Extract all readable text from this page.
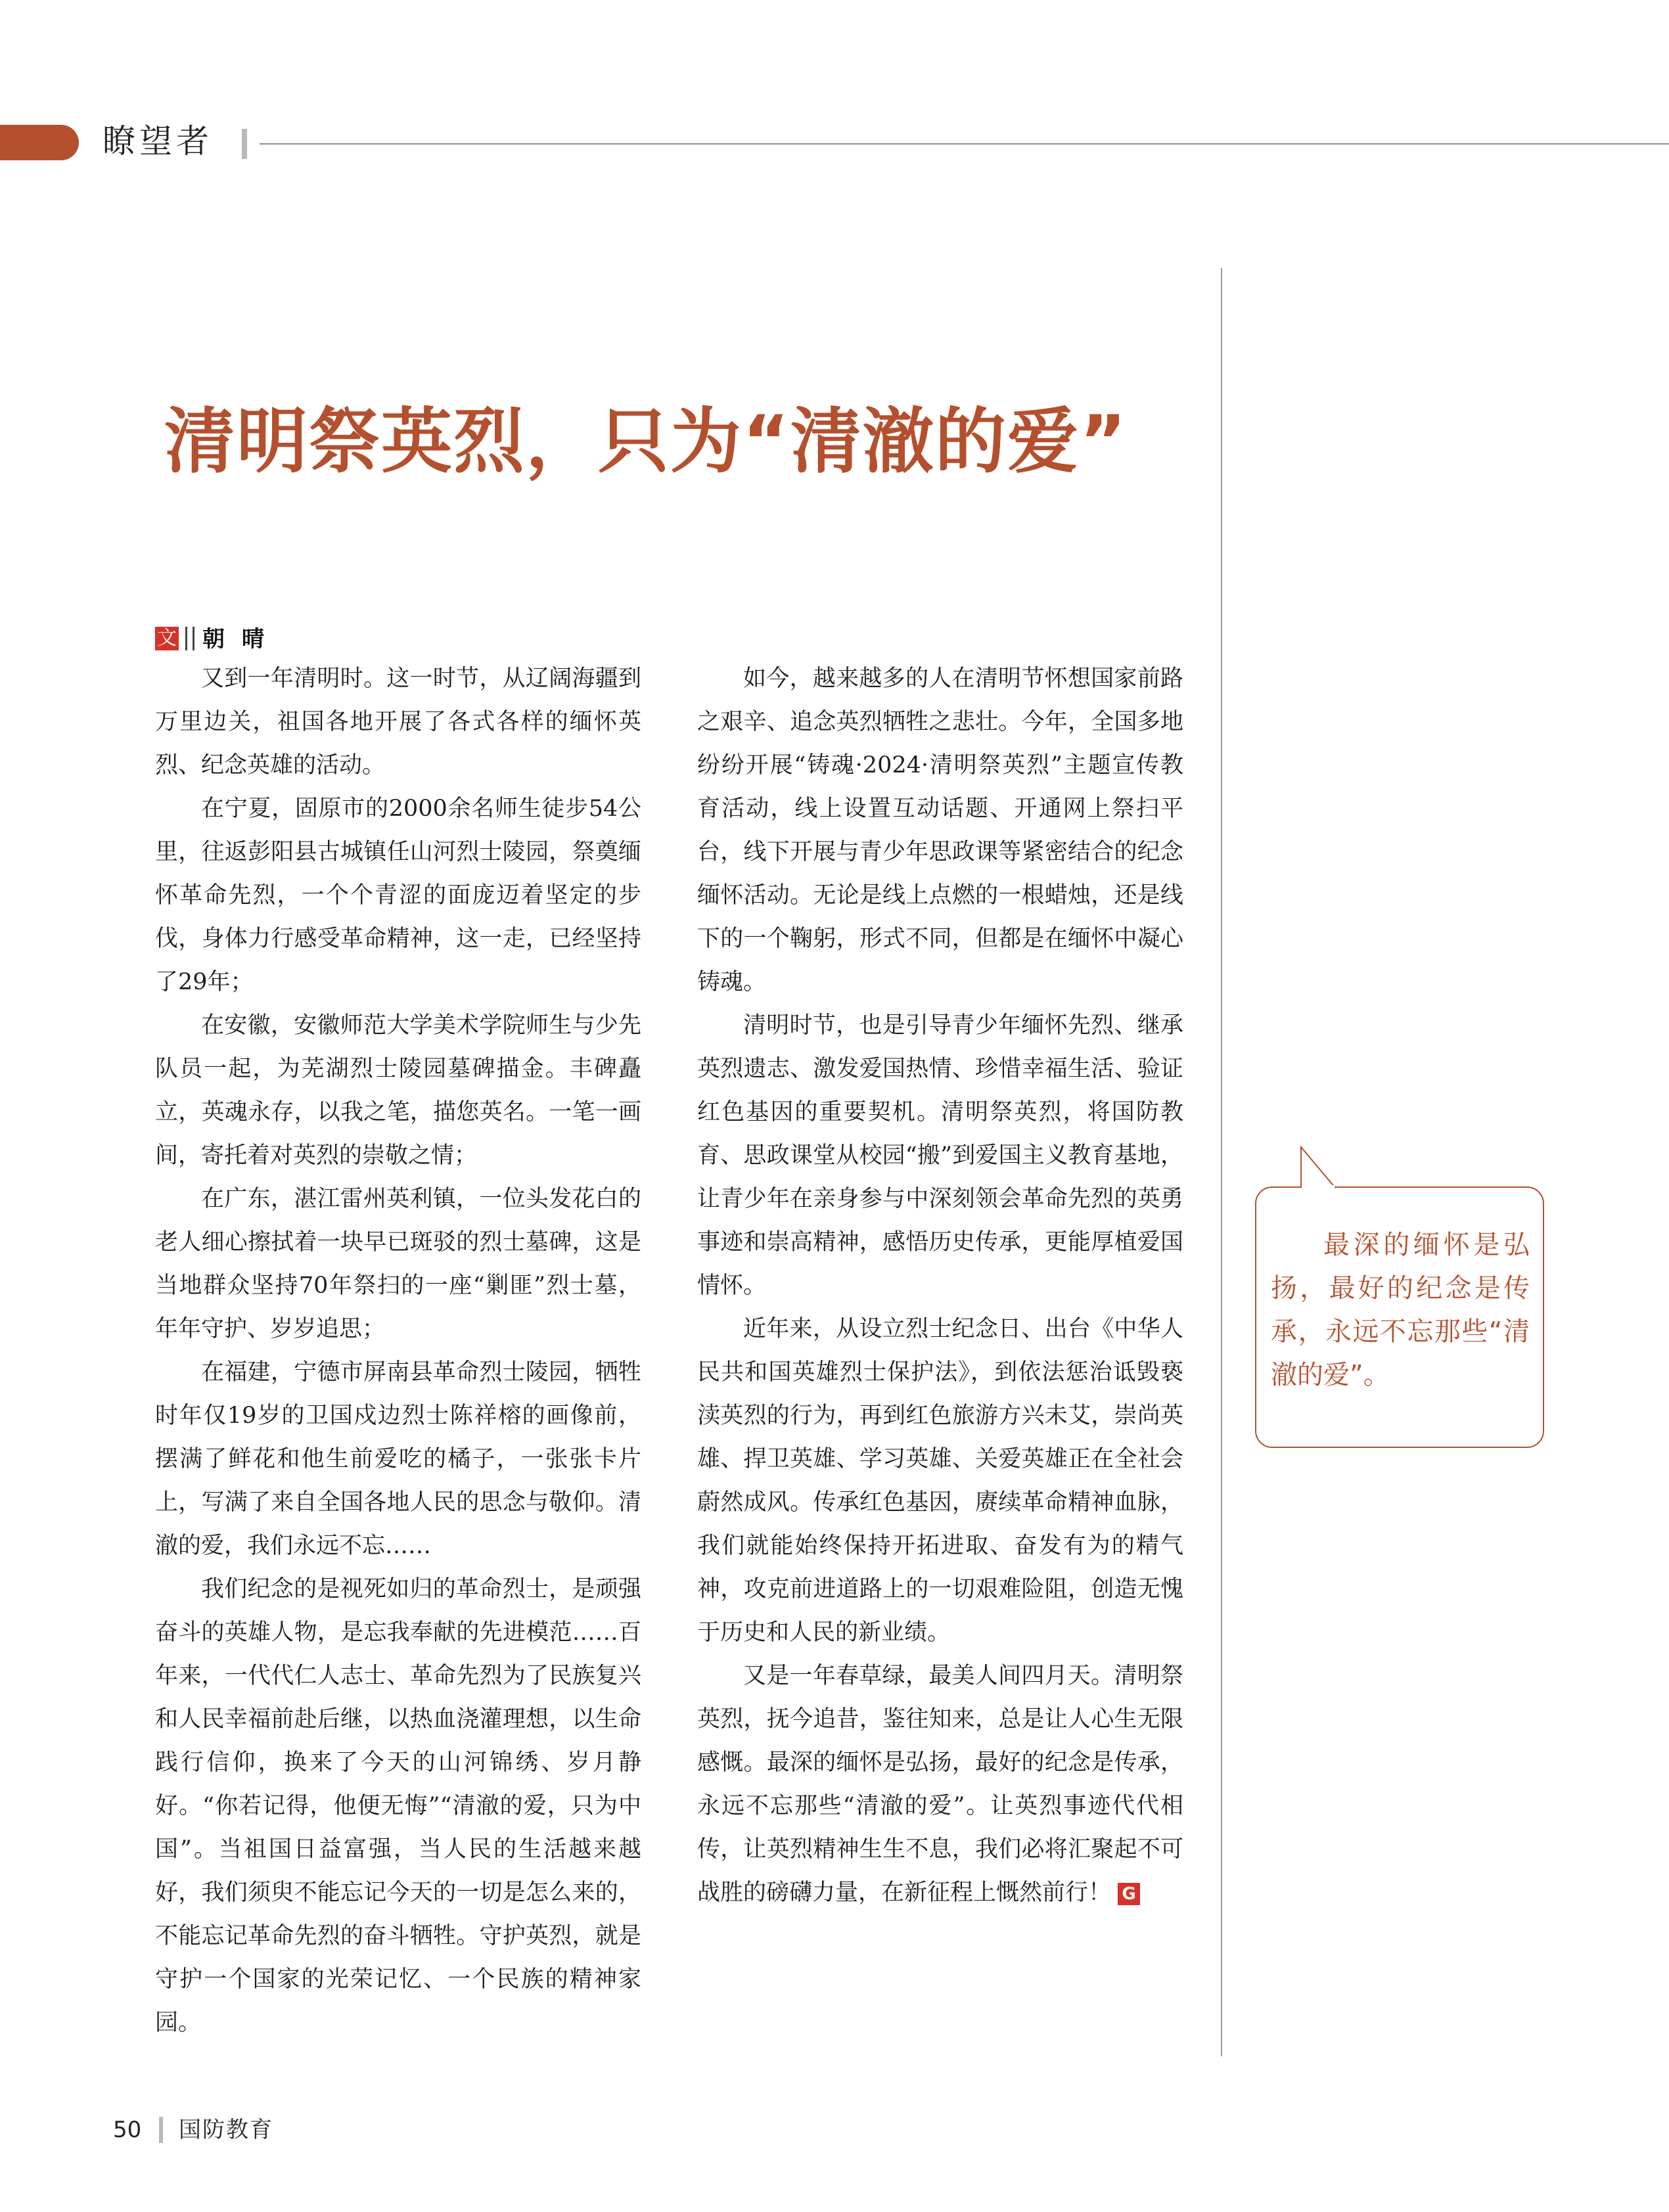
瞭望者
清明祭英烈，只为“清澈的爱”
文 朝晴

又到一年清明时。这一时节，从辽阔海疆到万里边关，祖国各地开展了各式各样的缅怀英烈、纪念英雄的活动。

在宁夏，固原市的2000余名师生徒步54公里，往返彭阳县古城镇任山河烈士陵园，祭奠缅怀革命先烈，一个个青涩的面庞迈着坚定的步伐，身体力行感受革命精神，这一走，已经坚持了29年；

在安徽，安徽师范大学美术学院师生与少先队员一起，为芜湖烈士陵园墓碑描金。丰碑矗立，英魂永存，以我之笔，描您英名。一笔一画间，寄托着对英烈的崇敬之情；

在广东，湛江雷州英利镇，一位头发花白的老人细心擦拭着一块早已斑驳的烈士墓碑，这是当地群众坚持70年祭扫的一座“剿匪”烈士墓，年年守护、岁岁追思；

在福建，宁德市屏南县革命烈士陵园，牺牲时年仅19岁的卫国戍边烈士陈祥榕的画像前，摆满了鲜花和他生前爱吃的橘子，一张张卡片上，写满了来自全国各地人民的思念与敬仰。清澈的爱，我们永远不忘……

我们纪念的是视死如归的革命烈士，是顽强奋斗的英雄人物，是忘我奉献的先进模范……百年来，一代代仁人志士、革命先烈为了民族复兴和人民幸福前赴后继，以热血浇灌理想，以生命践行信仰，换来了今天的山河锦绣、岁月静好。“你若记得，他便无悔”“清澈的爱，只为中国”。当祖国日益富强，当人民的生活越来越好，我们须臾不能忘记今天的一切是怎么来的，不能忘记革命先烈的奋斗牺牲。守护英烈，就是守护一个国家的光荣记忆、一个民族的精神家园。

如今，越来越多的人在清明节怀想国家前路之艰辛、追念英烈牺牲之悲壮。今年，全国多地纷纷开展“铸魂·2024·清明祭英烈”主题宣传教育活动，线上设置互动话题、开通网上祭扫平台，线下开展与青少年思政课等紧密结合的纪念缅怀活动。无论是线上点燃的一根蜡烛，还是线下的一个鞠躬，形式不同，但都是在缅怀中凝心铸魂。

清明时节，也是引导青少年缅怀先烈、继承英烈遗志、激发爱国热情、珍惜幸福生活、验证红色基因的重要契机。清明祭英烈，将国防教育、思政课堂从校园“搬”到爱国主义教育基地，让青少年在亲身参与中深刻领会革命先烈的英勇事迹和崇高精神，感悟历史传承，更能厚植爱国情怀。

近年来，从设立烈士纪念日、出台《中华人民共和国英雄烈士保护法》，到依法惩治诋毁亵渎英烈的行为，再到红色旅游方兴未艾，崇尚英雄、捍卫英雄、学习英雄、关爱英雄正在全社会蔚然成风。传承红色基因，赓续革命精神血脉，我们就能始终保持开拓进取、奋发有为的精气神，攻克前进道路上的一切艰难险阻，创造无愧于历史和人民的新业绩。

又是一年春草绿，最美人间四月天。清明祭英烈，抚今追昔，鉴往知来，总是让人心生无限感慨。最深的缅怀是弘扬，最好的纪念是传承，永远不忘那些“清澈的爱”。让英烈事迹代代相传，让英烈精神生生不息，我们必将汇聚起不可战胜的磅礴力量，在新征程上慨然前行！ G

最深的缅怀是弘扬，最好的纪念是传承，永远不忘那些“清澈的爱”。
50 国防教育
